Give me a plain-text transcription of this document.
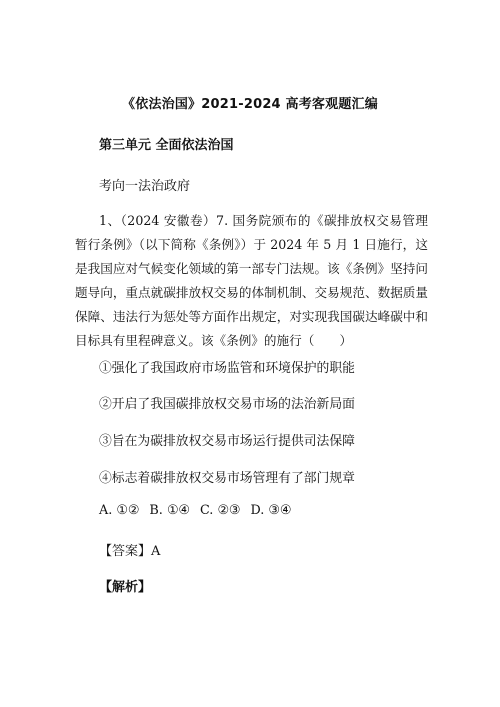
《依法治国》2021-2024 高考客观题汇编
第三单元 全面依法治国
考向一法治政府
1、（2024 安徽卷）7. 国务院颁布的《碳排放权交易管理暂行条例》（以下简称《条例》）于 2024 年 5 月 1 日施行，这是我国应对气候变化领域的第一部专门法规。该《条例》坚持问题导向，重点就碳排放权交易的体制机制、交易规范、数据质量保障、违法行为惩处等方面作出规定，对实现我国碳达峰碳中和目标具有里程碑意义。该《条例》的施行（　　）
①强化了我国政府市场监管和环境保护的职能
②开启了我国碳排放权交易市场的法治新局面
③旨在为碳排放权交易市场运行提供司法保障
④标志着碳排放权交易市场管理有了部门规章
A. ①② B. ①④ C. ②③ D. ③④
【答案】A
【解析】
